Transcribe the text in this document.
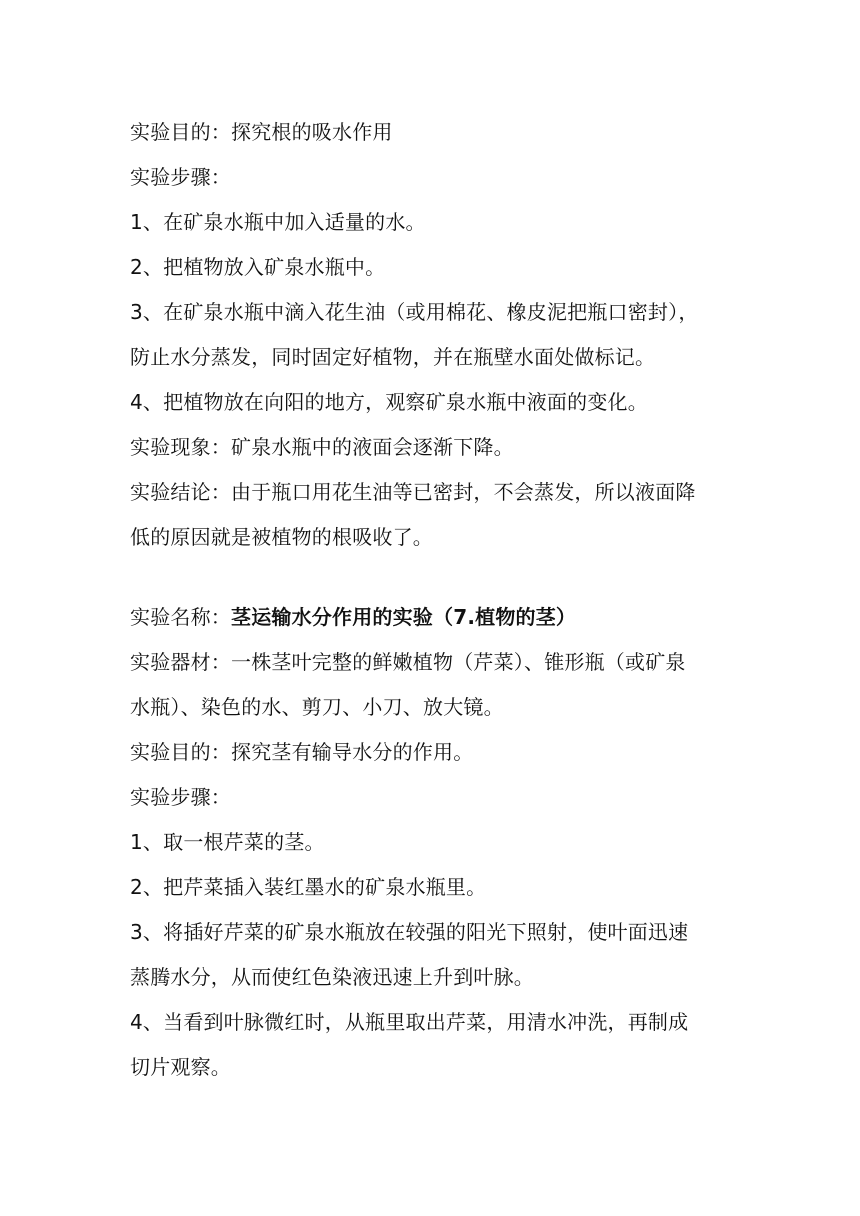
实验目的：探究根的吸水作用
实验步骤：
1、在矿泉水瓶中加入适量的水。
2、把植物放入矿泉水瓶中。
3、在矿泉水瓶中滴入花生油（或用棉花、橡皮泥把瓶口密封），
防止水分蒸发，同时固定好植物，并在瓶壁水面处做标记。
4、把植物放在向阳的地方，观察矿泉水瓶中液面的变化。
实验现象：矿泉水瓶中的液面会逐渐下降。
实验结论：由于瓶口用花生油等已密封，不会蒸发，所以液面降
低的原因就是被植物的根吸收了。
实验名称：茎运输水分作用的实验（7.植物的茎）
实验器材：一株茎叶完整的鲜嫩植物（芹菜）、锥形瓶（或矿泉
水瓶）、染色的水、剪刀、小刀、放大镜。
实验目的：探究茎有输导水分的作用。
实验步骤：
1、取一根芹菜的茎。
2、把芹菜插入装红墨水的矿泉水瓶里。
3、将插好芹菜的矿泉水瓶放在较强的阳光下照射，使叶面迅速
蒸腾水分，从而使红色染液迅速上升到叶脉。
4、当看到叶脉微红时，从瓶里取出芹菜，用清水冲洗，再制成
切片观察。
